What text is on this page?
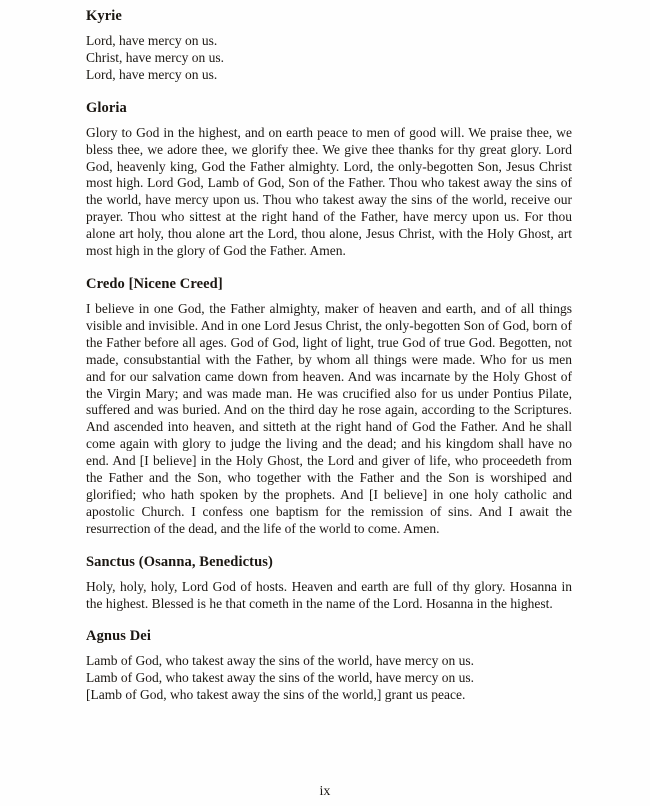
Kyrie
Lord, have mercy on us.
Christ, have mercy on us.
Lord, have mercy on us.
Gloria

Glory to God in the highest, and on earth peace to men of good will. We praise thee, we bless thee, we adore thee, we glorify thee. We give thee thanks for thy great glory. Lord God, heavenly king, God the Father almighty. Lord, the only-begotten Son, Jesus Christ most high. Lord God, Lamb of God, Son of the Father. Thou who takest away the sins of the world, have mercy upon us. Thou who takest away the sins of the world, receive our prayer. Thou who sittest at the right hand of the Father, have mercy upon us. For thou alone art holy, thou alone art the Lord, thou alone, Jesus Christ, with the Holy Ghost, art most high in the glory of God the Father. Amen.

Credo [Nicene Creed]

I believe in one God, the Father almighty, maker of heaven and earth, and of all things visible and invisible. And in one Lord Jesus Christ, the only-begotten Son of God, born of the Father before all ages. God of God, light of light, true God of true God. Begotten, not made, consubstantial with the Father, by whom all things were made. Who for us men and for our salvation came down from heaven. And was incarnate by the Holy Ghost of the Virgin Mary; and was made man. He was crucified also for us under Pontius Pilate, suffered and was buried. And on the third day he rose again, according to the Scriptures. And ascended into heaven, and sitteth at the right hand of God the Father. And he shall come again with glory to judge the living and the dead; and his kingdom shall have no end. And [I believe] in the Holy Ghost, the Lord and giver of life, who proceedeth from the Father and the Son, who together with the Father and the Son is worshiped and glorified; who hath spoken by the prophets. And [I believe] in one holy catholic and apostolic Church. I confess one baptism for the remission of sins. And I await the resurrection of the dead, and the life of the world to come. Amen.

Sanctus (Osanna, Benedictus)

Holy, holy, holy, Lord God of hosts. Heaven and earth are full of thy glory. Hosanna in the highest. Blessed is he that cometh in the name of the Lord. Hosanna in the highest.

Agnus Dei
Lamb of God, who takest away the sins of the world, have mercy on us.
Lamb of God, who takest away the sins of the world, have mercy on us.
[Lamb of God, who takest away the sins of the world,] grant us peace.
ix
